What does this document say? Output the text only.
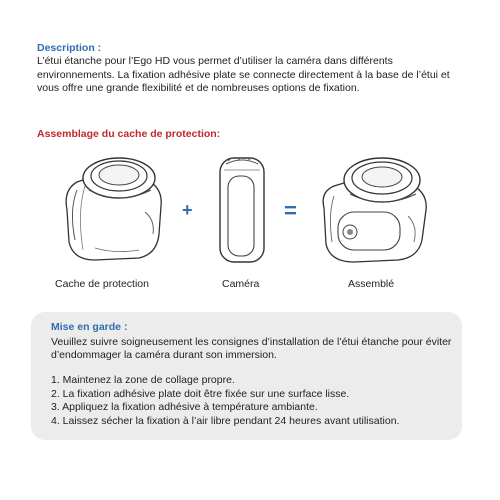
Description :
L’étui étanche pour l’Ego HD vous permet d’utiliser la caméra dans différents environnements. La fixation adhésive plate se connecte directement à la base de l’étui et vous offre une grande flexibilité et de nombreuses options de fixation.
Assemblage du cache de protection:
+	=
Cache de protection	Caméra	Assemblé
Mise en garde :
Veuillez suivre soigneusement les consignes d’installation de l’étui étanche pour éviter d’endommager la caméra durant son immersion.
1. Maintenez la zone de collage propre.
2. La fixation adhésive plate doit être fixée sur une surface lisse.
3. Appliquez la fixation adhésive à température ambiante.
4. Laissez sécher la fixation à l’air libre pendant 24 heures avant utilisation.
